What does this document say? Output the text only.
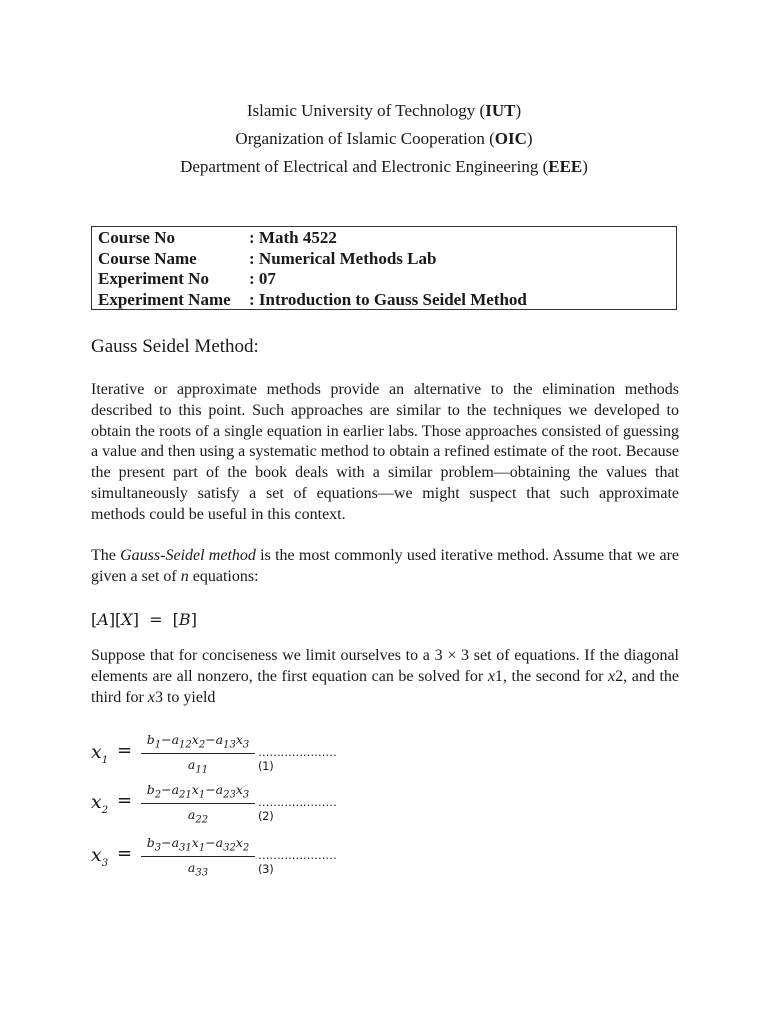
Islamic University of Technology (IUT)
Organization of Islamic Cooperation (OIC)
Department of Electrical and Electronic Engineering (EEE)
Course No	: Math 4522
Course Name	: Numerical Methods Lab
Experiment No	: 07
Experiment Name	: Introduction to Gauss Seidel Method
Gauss Seidel Method:
Iterative or approximate methods provide an alternative to the elimination methods described to this point. Such approaches are similar to the techniques we developed to obtain the roots of a single equation in earlier labs. Those approaches consisted of guessing a value and then using a systematic method to obtain a refined estimate of the root. Because the present part of the book deals with a similar problem—obtaining the values that simultaneously satisfy a set of equations—we might suspect that such approximate methods could be useful in this context.
The Gauss-Seidel method is the most commonly used iterative method. Assume that we are given a set of n equations:
[A][X]  =  [B]
Suppose that for conciseness we limit ourselves to a 3 × 3 set of equations. If the diagonal elements are all nonzero, the first equation can be solved for x1, the second for x2, and the third for x3 to yield
$x_1 = \frac{b_1-a_{12}x_2-a_{13}x_3}{a_{11}}$ …………………(1)
$x_2 = \frac{b_2-a_{21}x_1-a_{23}x_3}{a_{22}}$ …………………(2)
$x_3 = \frac{b_3-a_{31}x_1-a_{32}x_2}{a_{33}}$ …………………(3)
